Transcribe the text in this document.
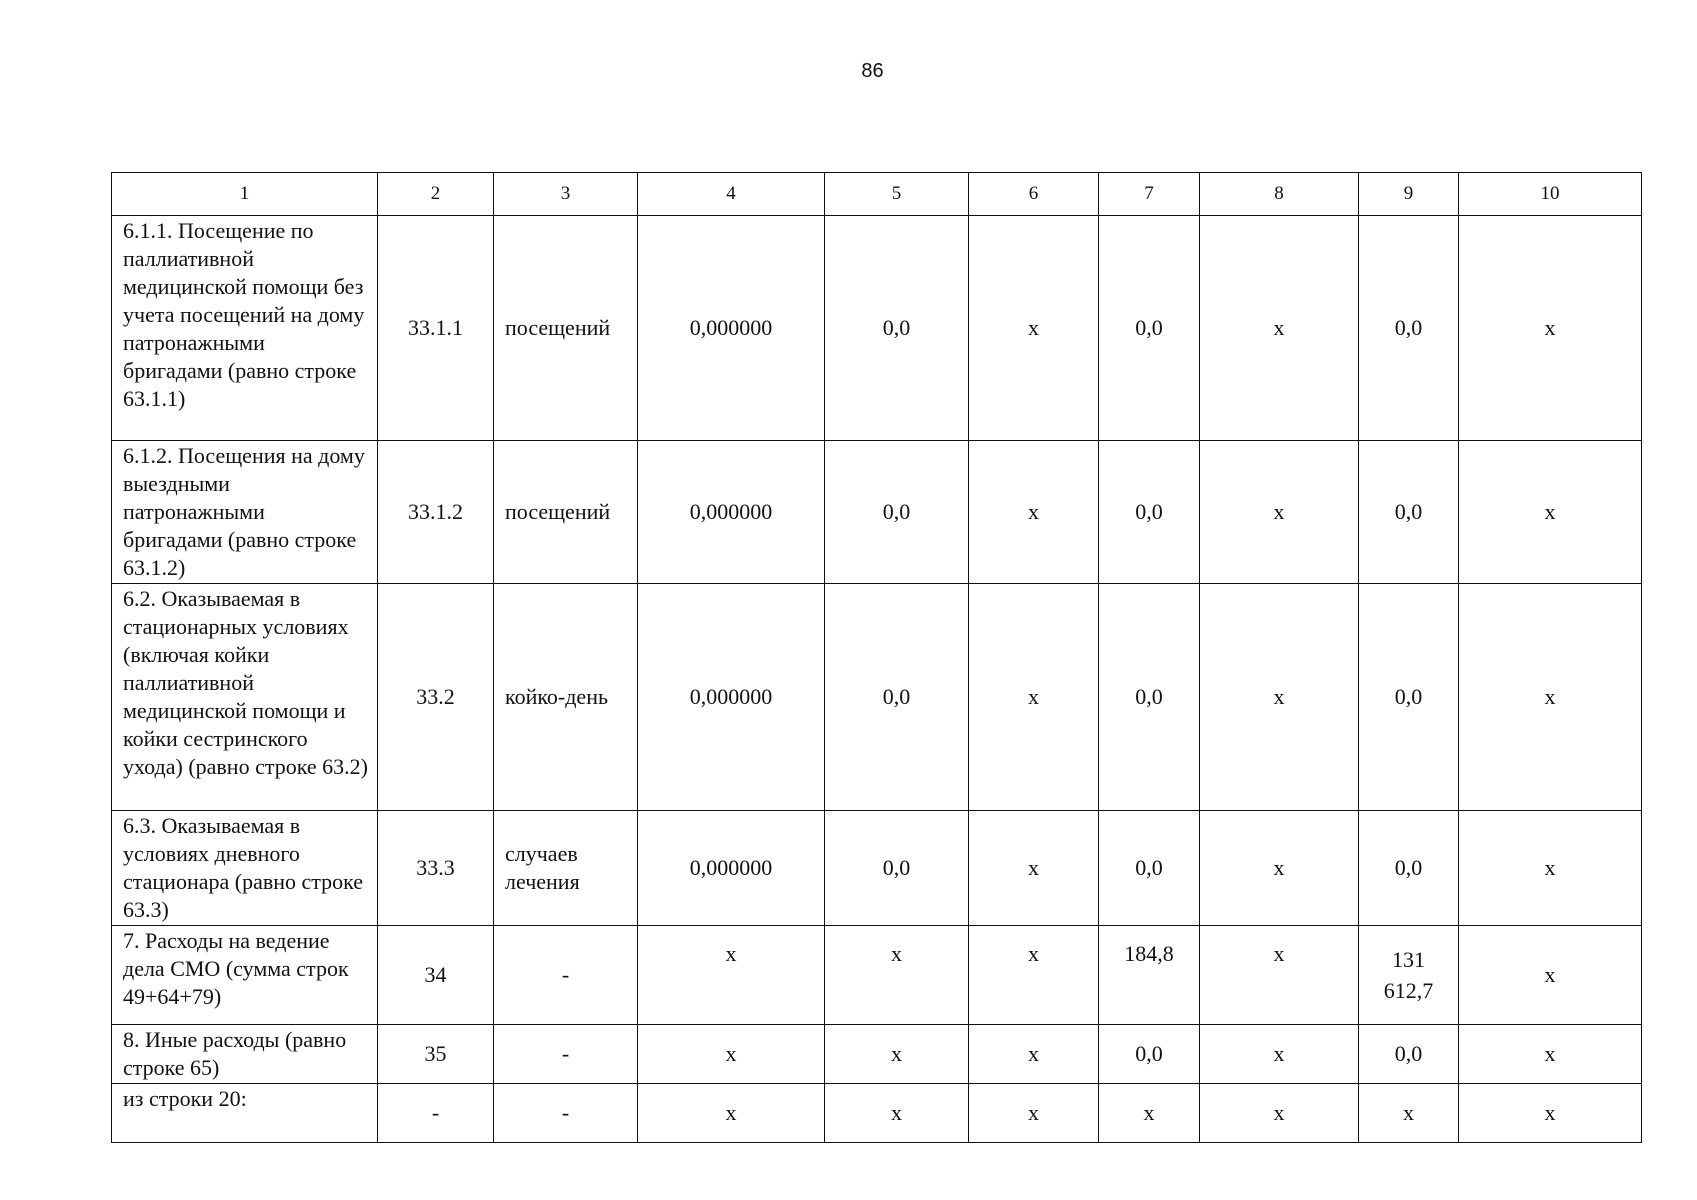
86
1	2	3	4	5	6	7	8	9	10
6.1.1. Посещение по паллиативной медицинской помощи без учета посещений на дому патронажными бригадами (равно строке 63.1.1)	33.1.1	посещений	0,000000	0,0	х	0,0	х	0,0	х
6.1.2. Посещения на дому выездными патронажными бригадами (равно строке 63.1.2)	33.1.2	посещений	0,000000	0,0	х	0,0	х	0,0	х
6.2. Оказываемая в стационарных условиях (включая койки паллиативной медицинской помощи и койки сестринского ухода) (равно строке 63.2)	33.2	койко-день	0,000000	0,0	х	0,0	х	0,0	х
6.3. Оказываемая в условиях дневного стационара (равно строке 63.3)	33.3	случаев лечения	0,000000	0,0	х	0,0	х	0,0	х
7. Расходы на ведение дела СМО (сумма строк 49+64+79)	34	-	х	х	х	184,8	х	131 612,7	х
8. Иные расходы (равно строке 65)	35	-	х	х	х	0,0	х	0,0	х
из строки 20:	-	-	х	х	х	х	х	х	х
